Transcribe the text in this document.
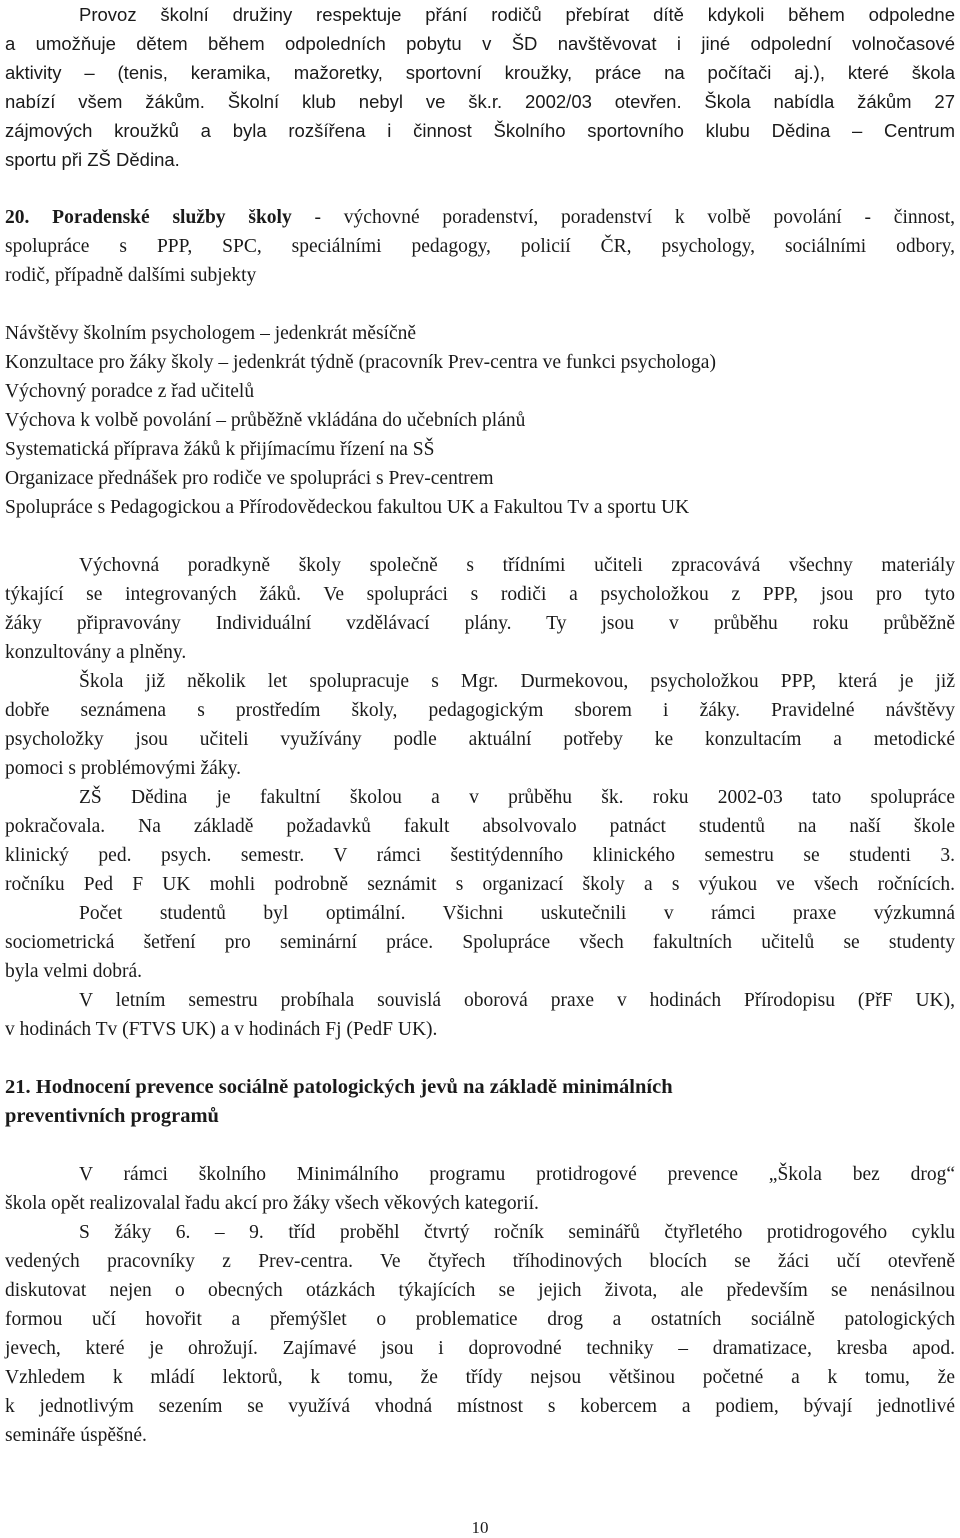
Provoz školní družiny respektuje přání rodičů přebírat dítě kdykoli během odpoledne
a umožňuje dětem během odpoledních pobytu v ŠD navštěvovat i jiné odpolední volnočasové
aktivity – (tenis, keramika, mažoretky, sportovní kroužky, práce na počítači aj.), které škola
nabízí všem žákům. Školní klub nebyl ve šk.r. 2002/03 otevřen. Škola nabídla žákům 27
zájmových kroužků a byla rozšířena i činnost Školního sportovního klubu Dědina – Centrum
sportu při ZŠ Dědina.
20. Poradenské služby školy - výchovné poradenství, poradenství k volbě povolání - činnost,
spolupráce s PPP, SPC, speciálními pedagogy, policií ČR, psychology, sociálními odbory,
rodič, případně dalšími subjekty
Návštěvy školním psychologem – jedenkrát měsíčně
Konzultace pro žáky školy – jedenkrát týdně (pracovník Prev-centra ve funkci psychologa)
Výchovný poradce z řad učitelů
Výchova k volbě povolání – průběžně vkládána do učebních plánů
Systematická příprava žáků k přijímacímu řízení na SŠ
Organizace přednášek pro rodiče ve spolupráci s Prev-centrem
Spolupráce s Pedagogickou a Přírodovědeckou fakultou UK a Fakultou Tv a sportu UK
Výchovná poradkyně školy společně s třídními učiteli zpracovává všechny materiály
týkající se integrovaných žáků. Ve spolupráci s rodiči a psycholožkou z PPP, jsou pro tyto
žáky připravovány Individuální vzdělávací plány. Ty jsou v průběhu roku průběžně
konzultovány a plněny.
Škola již několik let spolupracuje s Mgr. Durmekovou, psycholožkou PPP, která je již
dobře seznámena s prostředím školy, pedagogickým sborem i žáky. Pravidelné návštěvy
psycholožky jsou učiteli využívány podle aktuální potřeby ke konzultacím a metodické
pomoci s problémovými žáky.
ZŠ Dědina je fakultní školou a v průběhu šk. roku 2002-03 tato spolupráce
pokračovala. Na základě požadavků fakult absolvovalo patnáct studentů na naší škole
klinický ped. psych. semestr. V rámci šestitýdenního klinického semestru se studenti 3.
ročníku Ped F UK mohli podrobně seznámit s organizací školy a s výukou ve všech ročnících.
Počet studentů byl optimální. Všichni uskutečnili v rámci praxe výzkumná
sociometrická šetření pro seminární práce. Spolupráce všech fakultních učitelů se studenty
byla velmi dobrá.
V letním semestru probíhala souvislá oborová praxe v hodinách Přírodopisu (PřF UK),
v hodinách Tv (FTVS UK) a v hodinách Fj (PedF UK).
21. Hodnocení prevence sociálně patologických jevů na základě minimálních
preventivních programů
V rámci školního Minimálního programu protidrogové prevence „Škola bez drog“
škola opět realizovalal řadu akcí pro žáky všech věkových kategorií.
S žáky 6. – 9. tříd proběhl čtvrtý ročník seminářů čtyřletého protidrogového cyklu
vedených pracovníky z Prev-centra. Ve čtyřech tříhodinových blocích se žáci učí otevřeně
diskutovat nejen o obecných otázkách týkajících se jejich života, ale především se nenásilnou
formou učí hovořit a přemýšlet o problematice drog a ostatních sociálně patologických
jevech, které je ohrožují. Zajímavé jsou i doprovodné techniky – dramatizace, kresba apod.
Vzhledem k mládí lektorů, k tomu, že třídy nejsou většinou početné a k tomu, že
k jednotlivým sezením se využívá vhodná místnost s kobercem a podiem, bývají jednotlivé
semináře úspěšné.
10
